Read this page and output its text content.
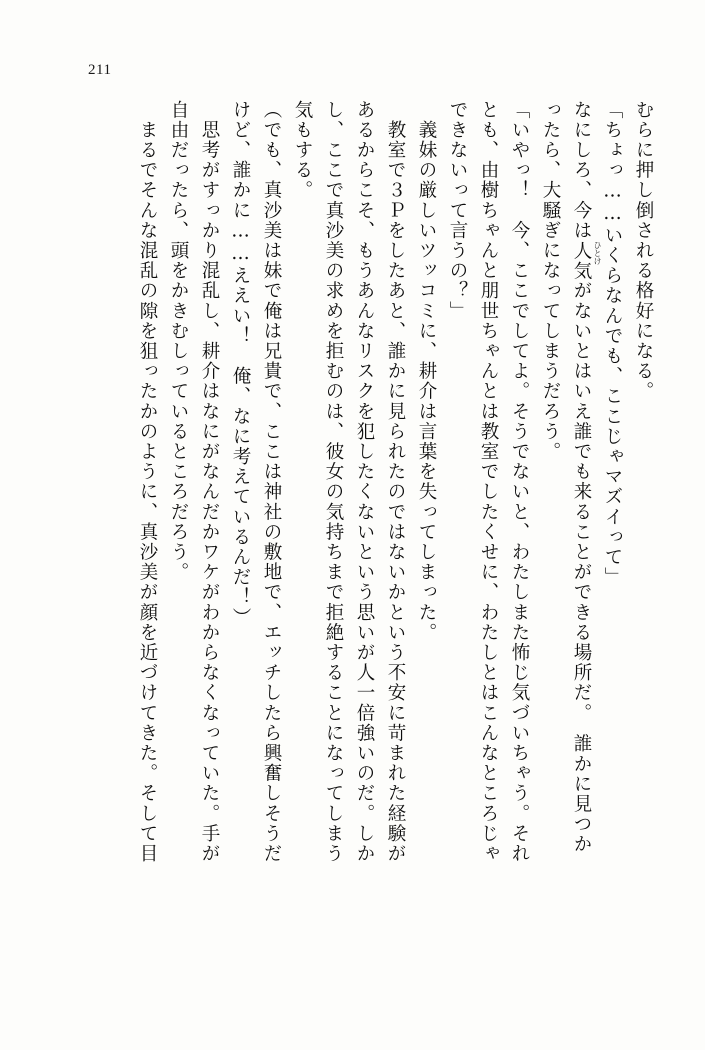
211
むらに押し倒される格好になる。
「ちょっ……いくらなんでも、ここじゃマズイって」
なにしろ、今は人気 ひとけ
がないとはいえ誰でも来ることができる場所だ。　誰かに見つか
ったら、大騒ぎになってしまうだろう。
「いやっ！　今、ここでしてよ。そうでないと、わたしまた怖じ気づいちゃう。それ
とも、由樹ちゃんと朋世ちゃんとは教室でしたくせに、わたしとはこんなところじゃ
できないって言うの？」
　義妹の厳しいツッコミに、耕介は言葉を失ってしまった。
　教室で３Ｐをしたあと、誰かに見られたのではないかという不安に苛まれた経験が
あるからこそ、もうあんなリスクを犯したくないという思いが人一倍強いのだ。しか
し、ここで真沙美の求めを拒むのは、彼女の気持ちまで拒絶することになってしまう
気もする。
（でも、真沙美は妹で俺は兄貴で、ここは神社の敷地で、エッチしたら興奮しそうだ
けど、誰かに……ええい！　俺、なに考えているんだ！）
　思考がすっかり混乱し、耕介はなにがなんだかワケがわからなくなっていた。手が
自由だったら、頭をかきむしっているところだろう。
　まるでそんな混乱の隙を狙ったかのように、真沙美が顔を近づけてきた。そして目
